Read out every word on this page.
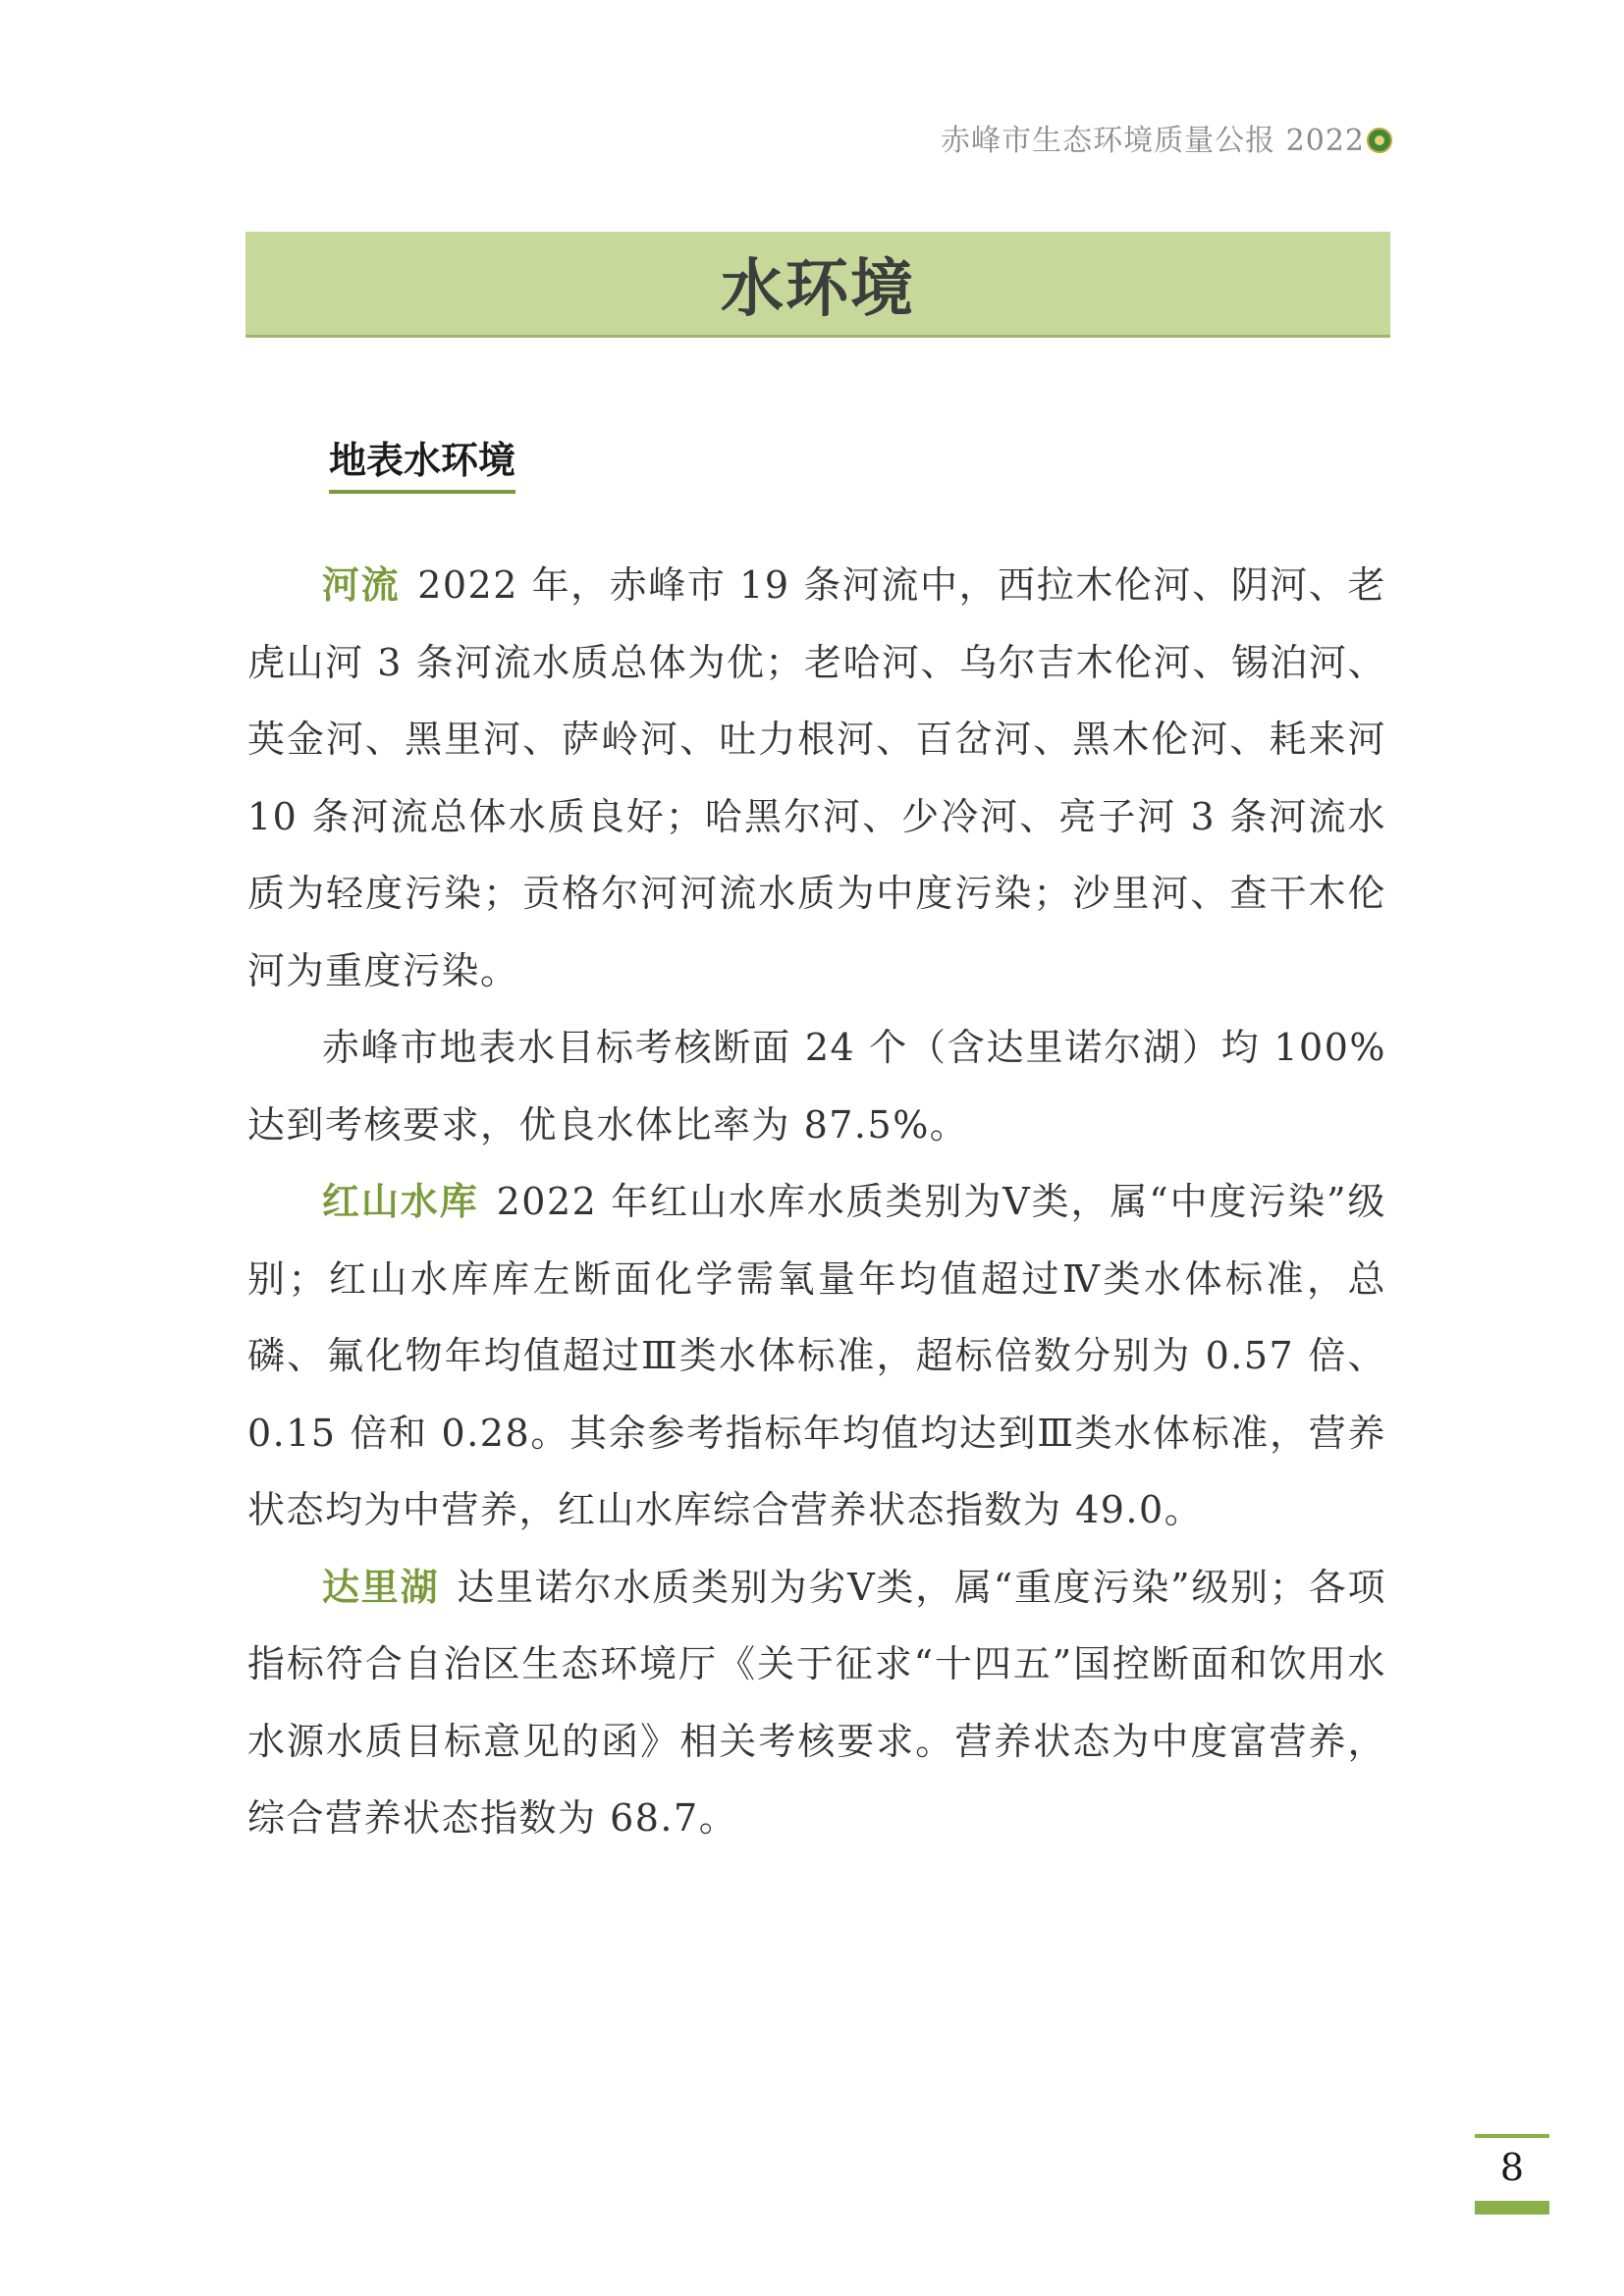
赤峰市生态环境质量公报 2022
水环境
地表水环境

河流 2022 年，赤峰市 19 条河流中，西拉木伦河、阴河、老虎山河 3 条河流水质总体为优；老哈河、乌尔吉木伦河、锡泊河、英金河、黑里河、萨岭河、吐力根河、百岔河、黑木伦河、耗来河 10 条河流总体水质良好；哈黑尔河、少冷河、亮子河 3 条河流水质为轻度污染；贡格尔河河流水质为中度污染；沙里河、查干木伦河为重度污染。

赤峰市地表水目标考核断面 24 个（含达里诺尔湖）均 100% 达到考核要求，优良水体比率为 87.5%。

红山水库 2022 年红山水库水质类别为Ⅴ类，属“中度污染”级别；红山水库库左断面化学需氧量年均值超过Ⅳ类水体标准，总磷、氟化物年均值超过Ⅲ类水体标准，超标倍数分别为 0.57 倍、0.15 倍和 0.28。其余参考指标年均值均达到Ⅲ类水体标准，营养状态均为中营养，红山水库综合营养状态指数为 49.0。

达里湖 达里诺尔水质类别为劣Ⅴ类，属“重度污染”级别；各项指标符合自治区生态环境厅《关于征求“十四五”国控断面和饮用水水源水质目标意见的函》相关考核要求。营养状态为中度富营养，综合营养状态指数为 68.7。

8
